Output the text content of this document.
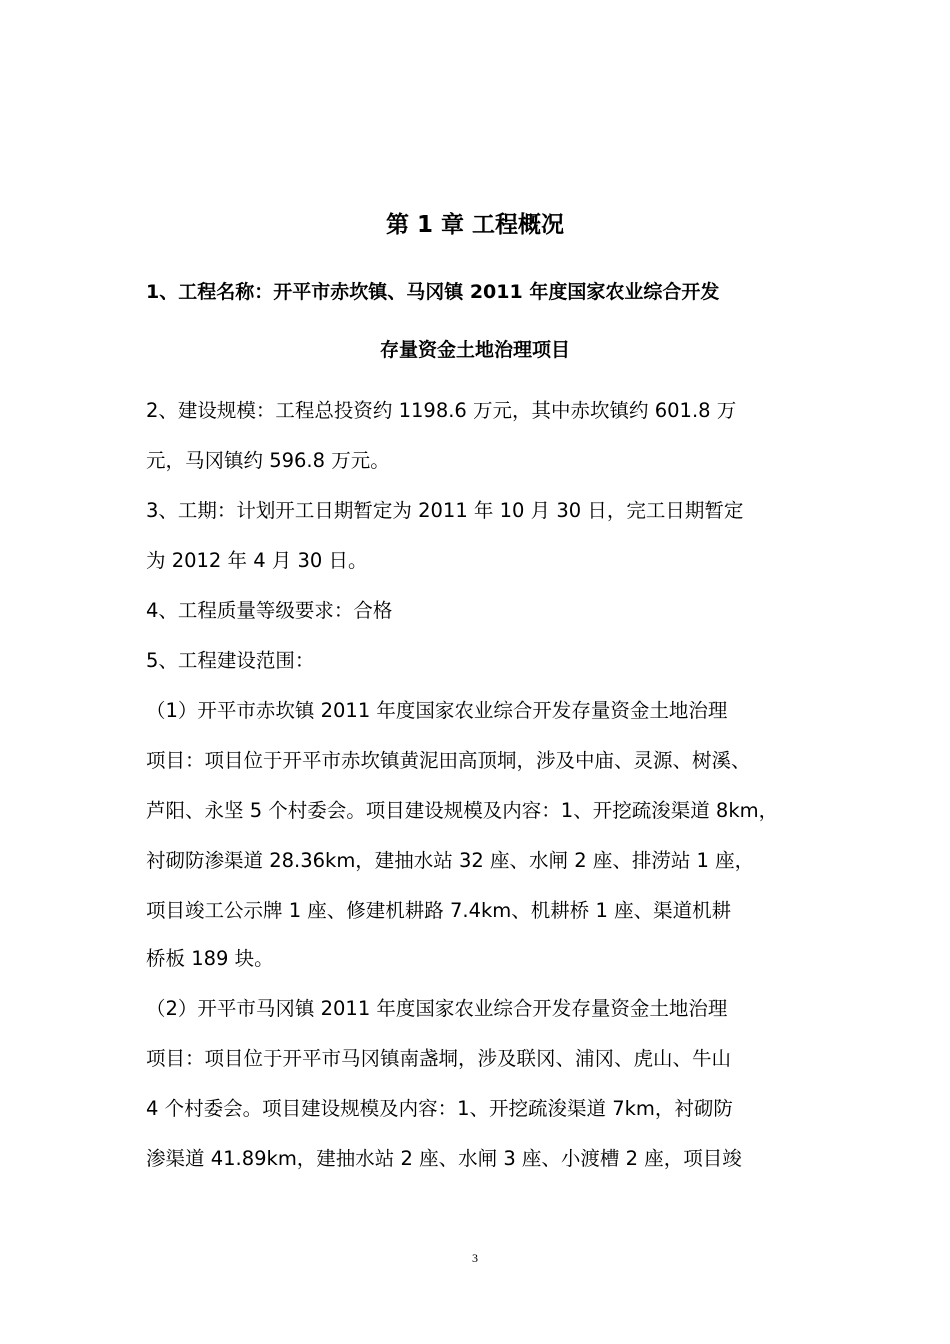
第 1 章 工程概况

1、工程名称：开平市赤坎镇、马冈镇 2011 年度国家农业综合开发

存量资金土地治理项目

2、建设规模：工程总投资约 1198.6 万元，其中赤坎镇约 601.8 万

元，马冈镇约 596.8 万元。

3、工期：计划开工日期暂定为 2011 年 10 月 30 日，完工日期暂定

为 2012 年 4 月 30 日。

4、工程质量等级要求：合格

5、工程建设范围：

（1）开平市赤坎镇 2011 年度国家农业综合开发存量资金土地治理

项目：项目位于开平市赤坎镇黄泥田高顶垌，涉及中庙、灵源、树溪、

芦阳、永坚 5 个村委会。项目建设规模及内容：1、开挖疏浚渠道 8km，

衬砌防渗渠道 28.36km，建抽水站 32 座、水闸 2 座、排涝站 1 座，

项目竣工公示牌 1 座、修建机耕路 7.4km、机耕桥 1 座、渠道机耕

桥板 189 块。

（2）开平市马冈镇 2011 年度国家农业综合开发存量资金土地治理

项目：项目位于开平市马冈镇南盏垌，涉及联冈、浦冈、虎山、牛山

4 个村委会。项目建设规模及内容：1、开挖疏浚渠道 7km，衬砌防

渗渠道 41.89km，建抽水站 2 座、水闸 3 座、小渡槽 2 座，项目竣

3
